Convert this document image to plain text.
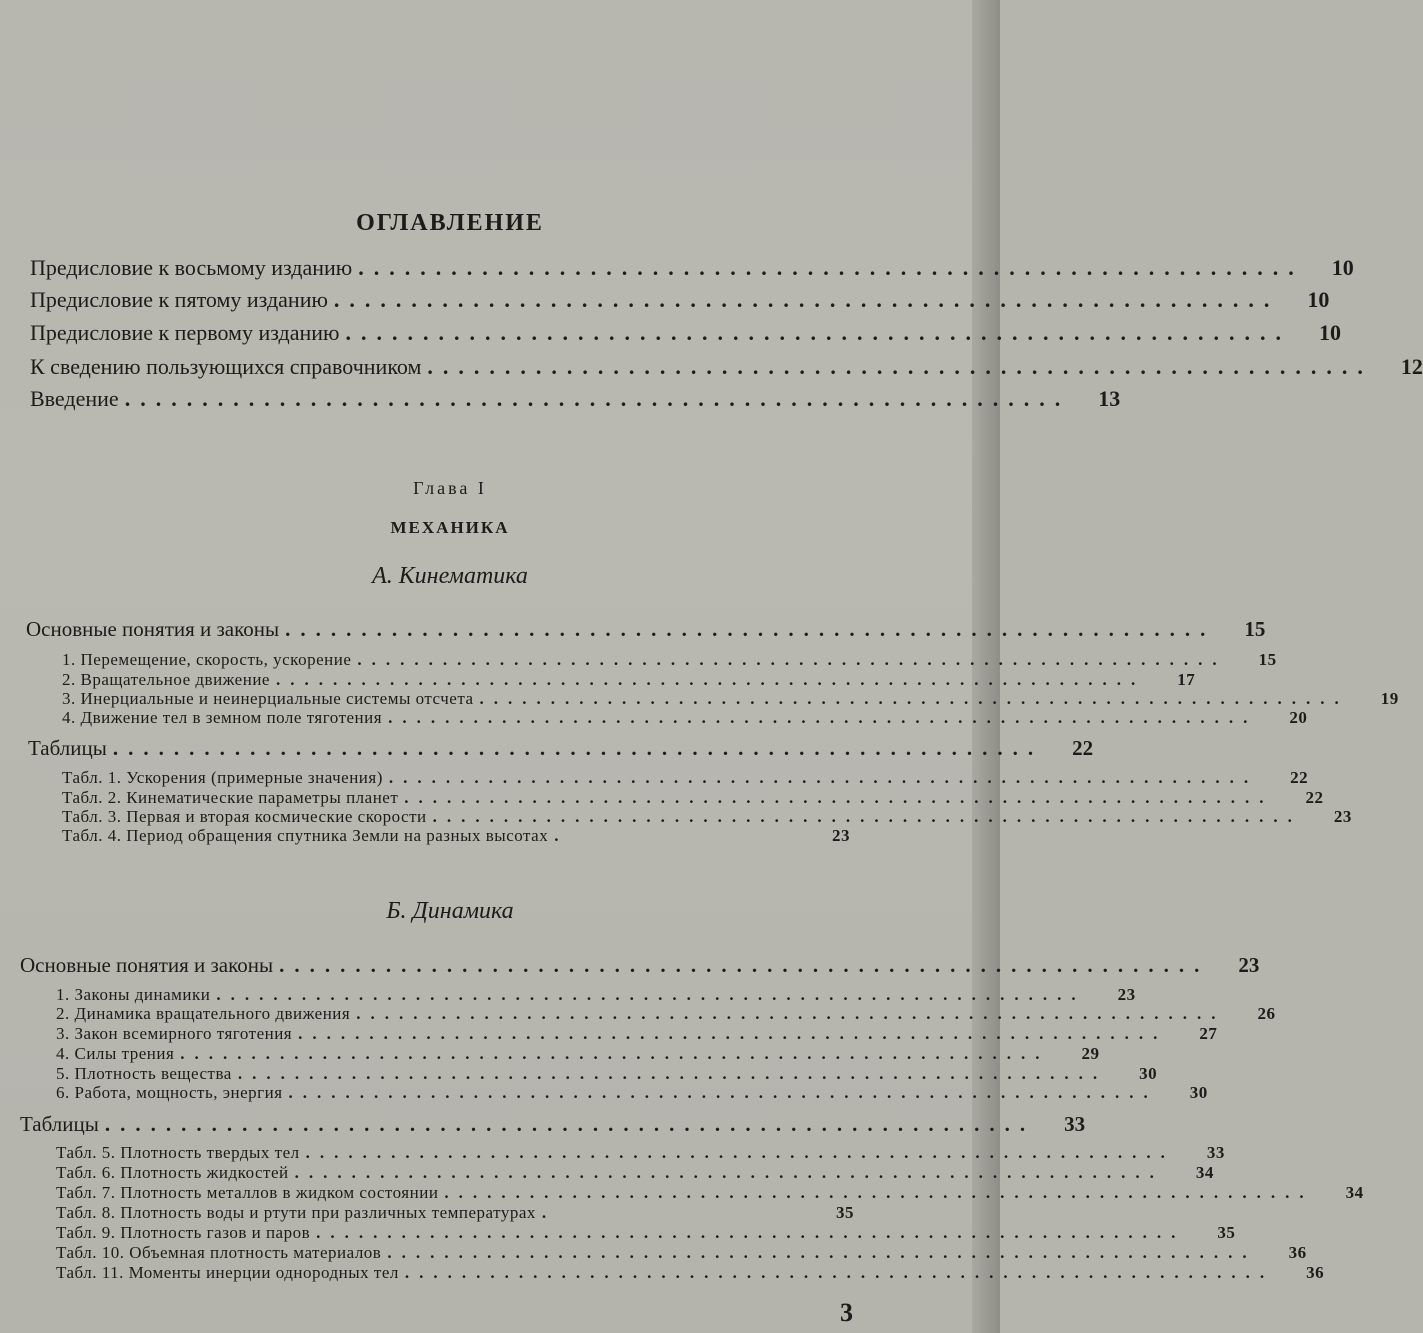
ОГЛАВЛЕНИЕ
Предисловие к восьмому изданию .............................................................	10
Предисловие к пятому изданию .............................................................	10
Предисловие к первому изданию .............................................................	10
К сведению пользующихся справочником .............................................................	12
Введение .............................................................	13
Глава I
МЕХАНИКА
А. Кинематика
Основные понятия и законы .............................................................	15
1. Перемещение, скорость, ускорение .............................................................	15
2. Вращательное движение .............................................................	17
3. Инерциальные и неинерциальные системы отсчета .............................................................	19
4. Движение тел в земном поле тяготения .............................................................	20
Таблицы .............................................................	22
Табл. 1. Ускорения (примерные значения) .............................................................	22
Табл. 2. Кинематические параметры планет .............................................................	22
Табл. 3. Первая и вторая космические скорости .............................................................	23
Табл. 4. Период обращения спутника Земли на разных высотах .	23
Б. Динамика
Основные понятия и законы .............................................................	23
1. Законы динамики .............................................................	23
2. Динамика вращательного движения .............................................................	26
3. Закон всемирного тяготения .............................................................	27
4. Силы трения .............................................................	29
5. Плотность вещества .............................................................	30
6. Работа, мощность, энергия .............................................................	30
Таблицы .............................................................	33
Табл. 5. Плотность твердых тел .............................................................	33
Табл. 6. Плотность жидкостей .............................................................	34
Табл. 7. Плотность металлов в жидком состоянии .............................................................	34
Табл. 8. Плотность воды и ртути при различных температурах .	35
Табл. 9. Плотность газов и паров .............................................................	35
Табл. 10. Объемная плотность материалов .............................................................	36
Табл. 11. Моменты инерции однородных тел .............................................................	36
3
